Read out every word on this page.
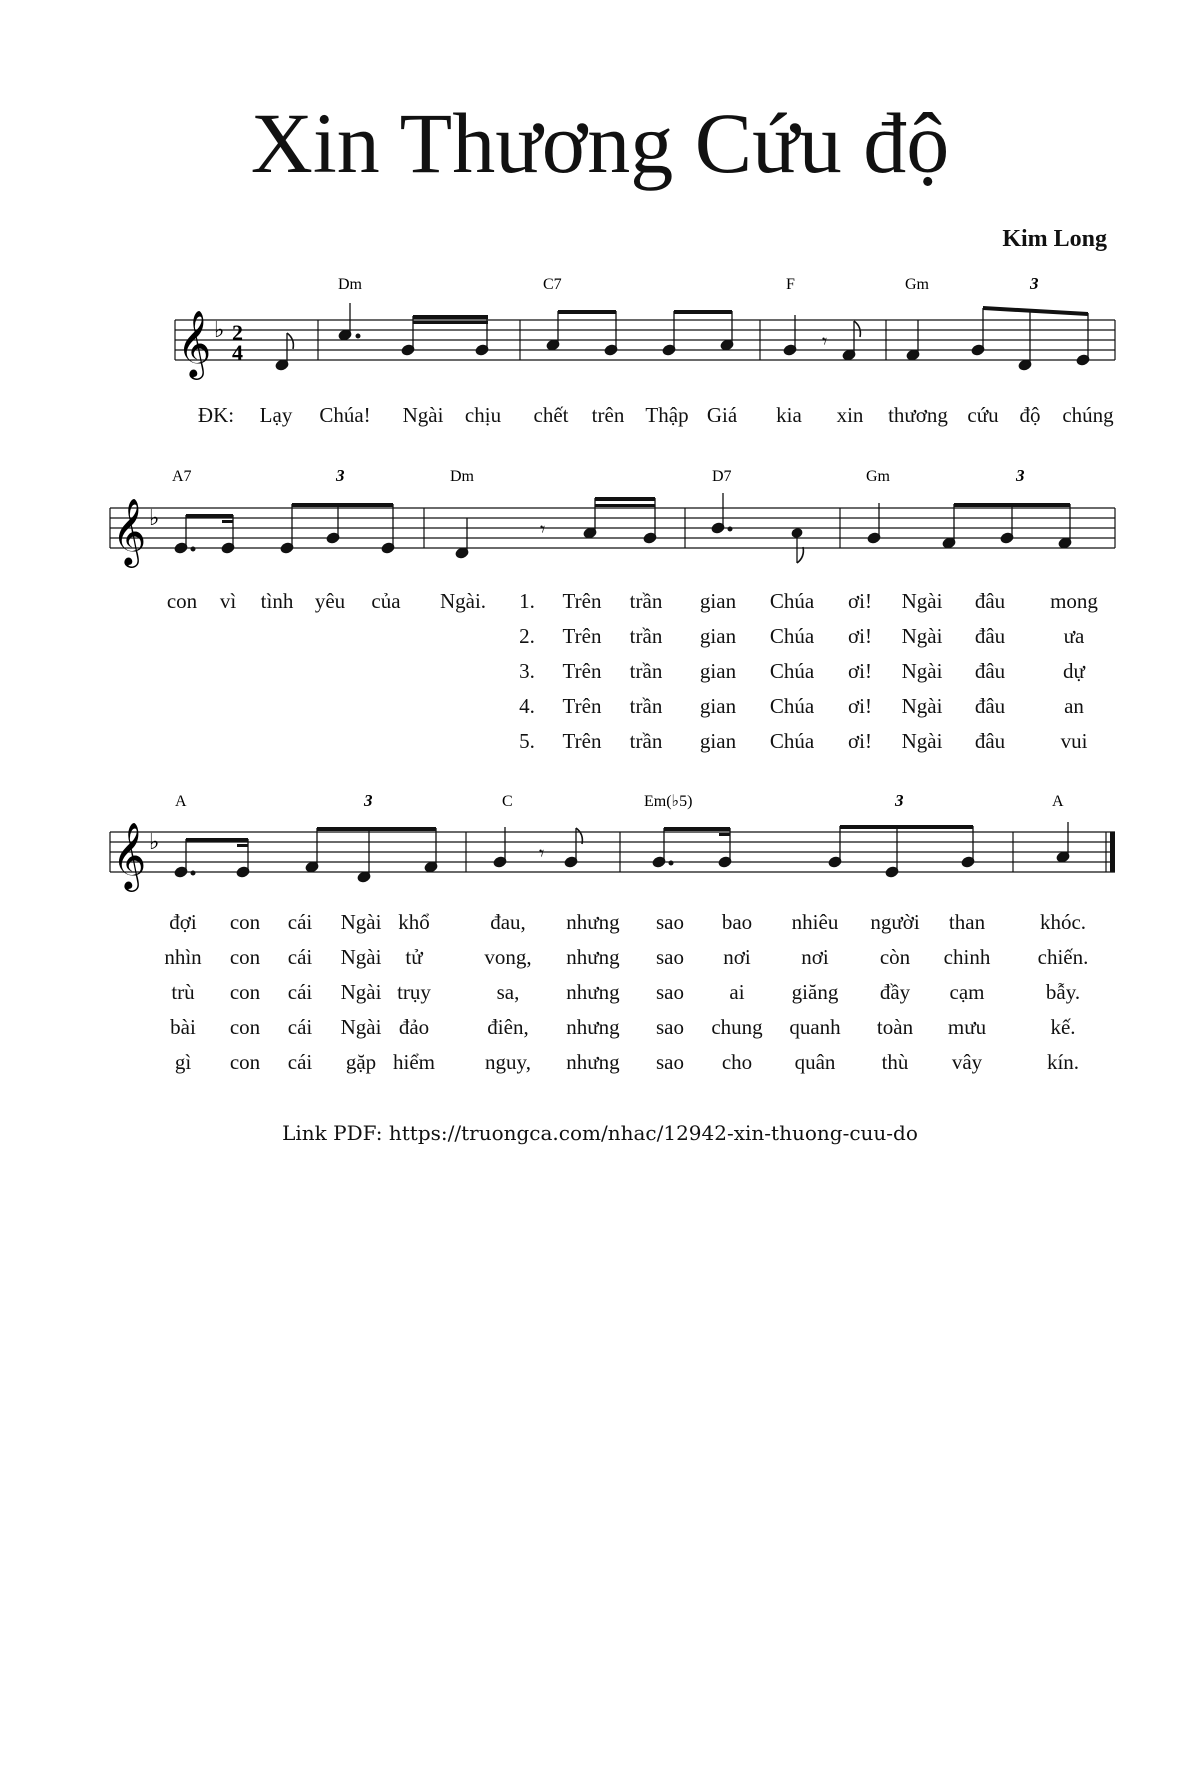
Xin Thương Cứu độ
Kim Long
𝄞 ♭ 2
4
Dm	C7	F	Gm	3
𝄾
𝄞 ♭
A7	Dm	D7	Gm
3	3
𝄾
𝄞 ♭
A	C	Em(♭5)	A
3	3
𝄾
ĐK: Lạy Chúa! Ngài chịu chết trên Thập Giá kia xin thương cứu độ chúng
con vì tình yêu của Ngài. 1.
2.
3.
4.
5.
Trên trần gian Chúa ơi! Ngài đâu mong
Trên trần gian Chúa ơi! Ngài đâu	ưa
Trên trần gian Chúa ơi! Ngài đâu	dự
Trên trần gian Chúa ơi! Ngài đâu	an
Trên trần gian Chúa ơi! Ngài đâu	vui
đợi con cái Ngài khổ	đau, nhưng sao bao nhiêu người than	khóc.
nhìn con cái Ngài tử	vong, nhưng sao nơi nơi còn chinh chiến.
trù con cái Ngài trụy	sa, nhưng sao ai giăng đầy cạm	bẫy.
bài con cái Ngài đảo	điên, nhưng sao chung quanh toàn mưu	kế.
gì con cái gặp hiểm nguy, nhưng sao cho quân thù vây	kín.
Link PDF: https://truongca.com/nhac/12942-xin-thuong-cuu-do
